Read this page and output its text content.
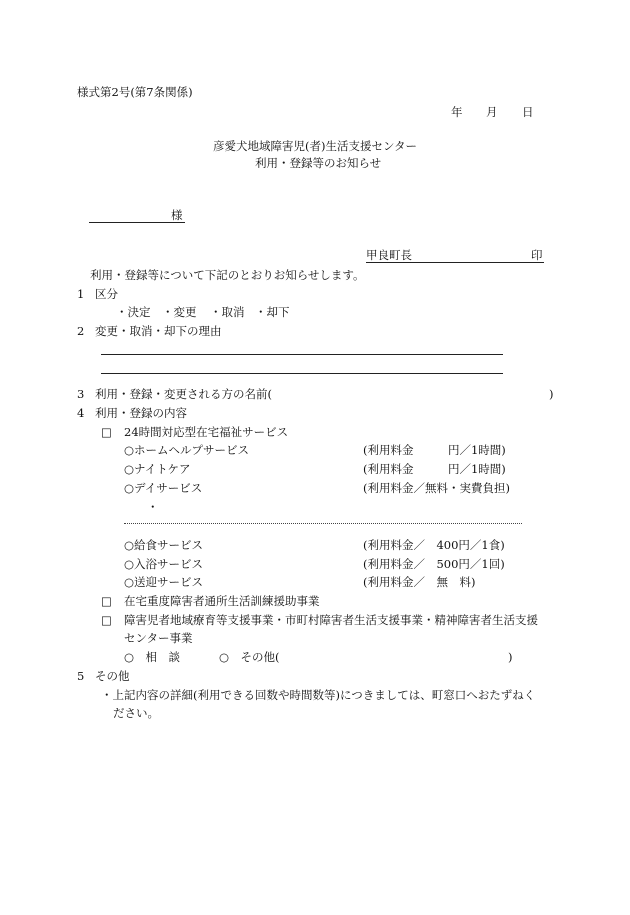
様式第2号(第7条関係)
年 月 日
彦愛犬地域障害児(者)生活支援センター
利用・登録等のお知らせ
様
甲良町長	印
利用・登録等について下記のとおりお知らせします。
1 区分
・決定 ・変更 ・取消 ・却下
2 変更・取消・却下の理由
3 利用・登録・変更される方の名前(	)
4 利用・登録の内容
□ 24時間対応型在宅福祉サービス
○ホームヘルプサービス	(利用料金　　　円／1時間)
○ナイトケア	(利用料金　　　円／1時間)
○デイサービス	(利用料金／無料・実費負担)
・
○給食サービス	(利用料金／　400円／1食)
○入浴サービス	(利用料金／　500円／1回)
○送迎サービス	(利用料金／　無　料)
□ 在宅重度障害者通所生活訓練援助事業
□ 障害児者地域療育等支援事業・市町村障害者生活支援事業・精神障害者生活支援
センター事業
○　相　談	○　その他(	)
5 その他
・上記内容の詳細(利用できる回数や時間数等)につきましては、町窓口へおたずねく
ださい。
